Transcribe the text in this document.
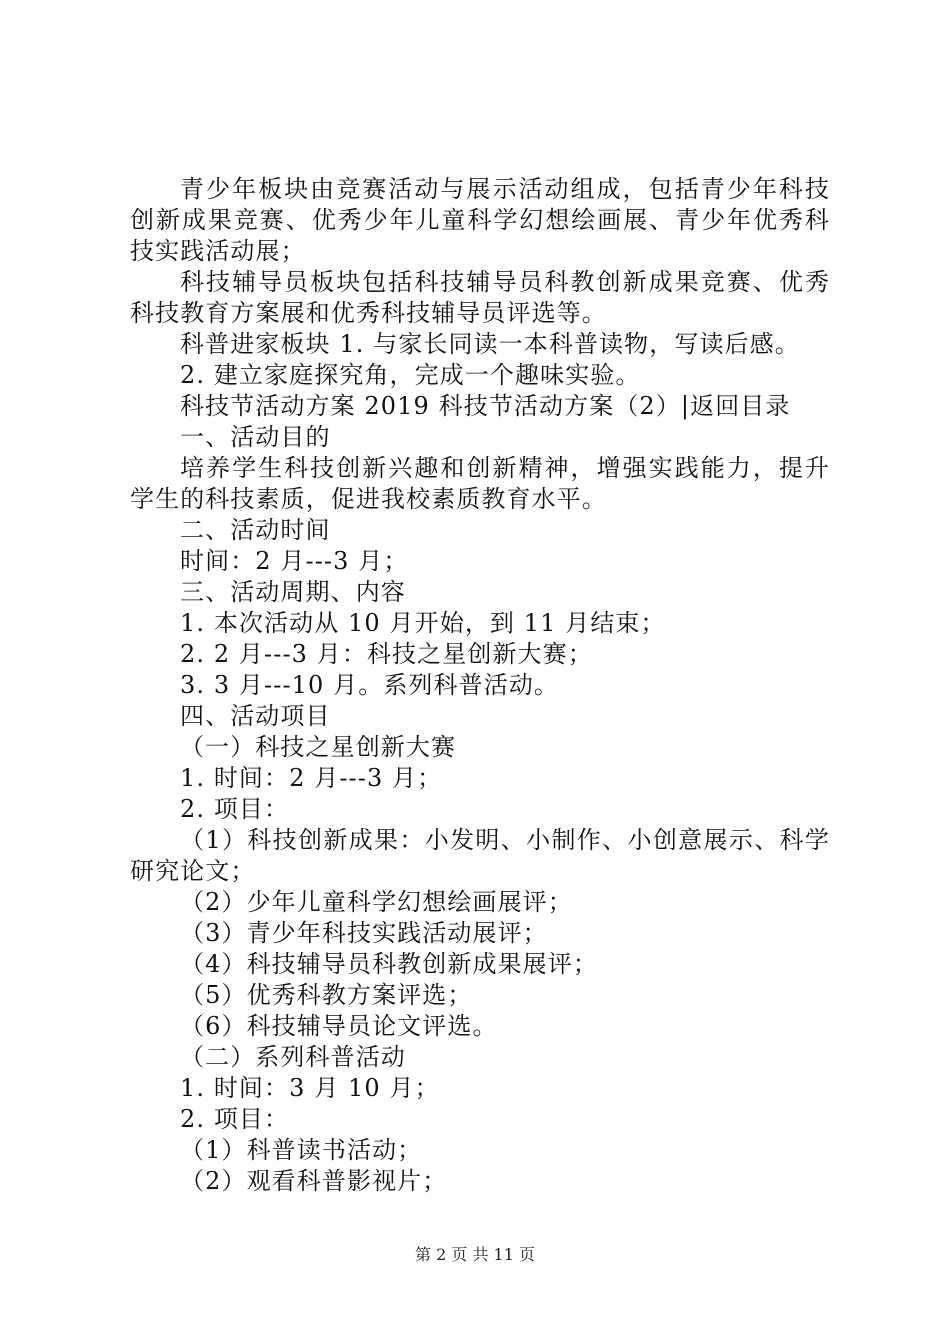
青少年板块由竞赛活动与展示活动组成，包括青少年科技创新成果竞赛、优秀少年儿童科学幻想绘画展、青少年优秀科技实践活动展；

科技辅导员板块包括科技辅导员科教创新成果竞赛、优秀科技教育方案展和优秀科技辅导员评选等。

科普进家板块 1. 与家长同读一本科普读物，写读后感。

2. 建立家庭探究角，完成一个趣味实验。

科技节活动方案 2019 科技节活动方案（2）|返回目录

一、活动目的

培养学生科技创新兴趣和创新精神，增强实践能力，提升学生的科技素质，促进我校素质教育水平。

二、活动时间

时间：2 月---3 月；

三、活动周期、内容

1. 本次活动从 10 月开始，到 11 月结束；

2. 2 月---3 月：科技之星创新大赛；

3. 3 月---10 月。系列科普活动。

四、活动项目

（一）科技之星创新大赛

1. 时间：2 月---3 月；

2. 项目：

（1）科技创新成果：小发明、小制作、小创意展示、科学研究论文；

（2）少年儿童科学幻想绘画展评；

（3）青少年科技实践活动展评；

（4）科技辅导员科教创新成果展评；

（5）优秀科教方案评选；

（6）科技辅导员论文评选。

（二）系列科普活动

1. 时间：3 月 10 月；

2. 项目：

（1）科普读书活动；

（2）观看科普影视片；

第 2 页 共 11 页
